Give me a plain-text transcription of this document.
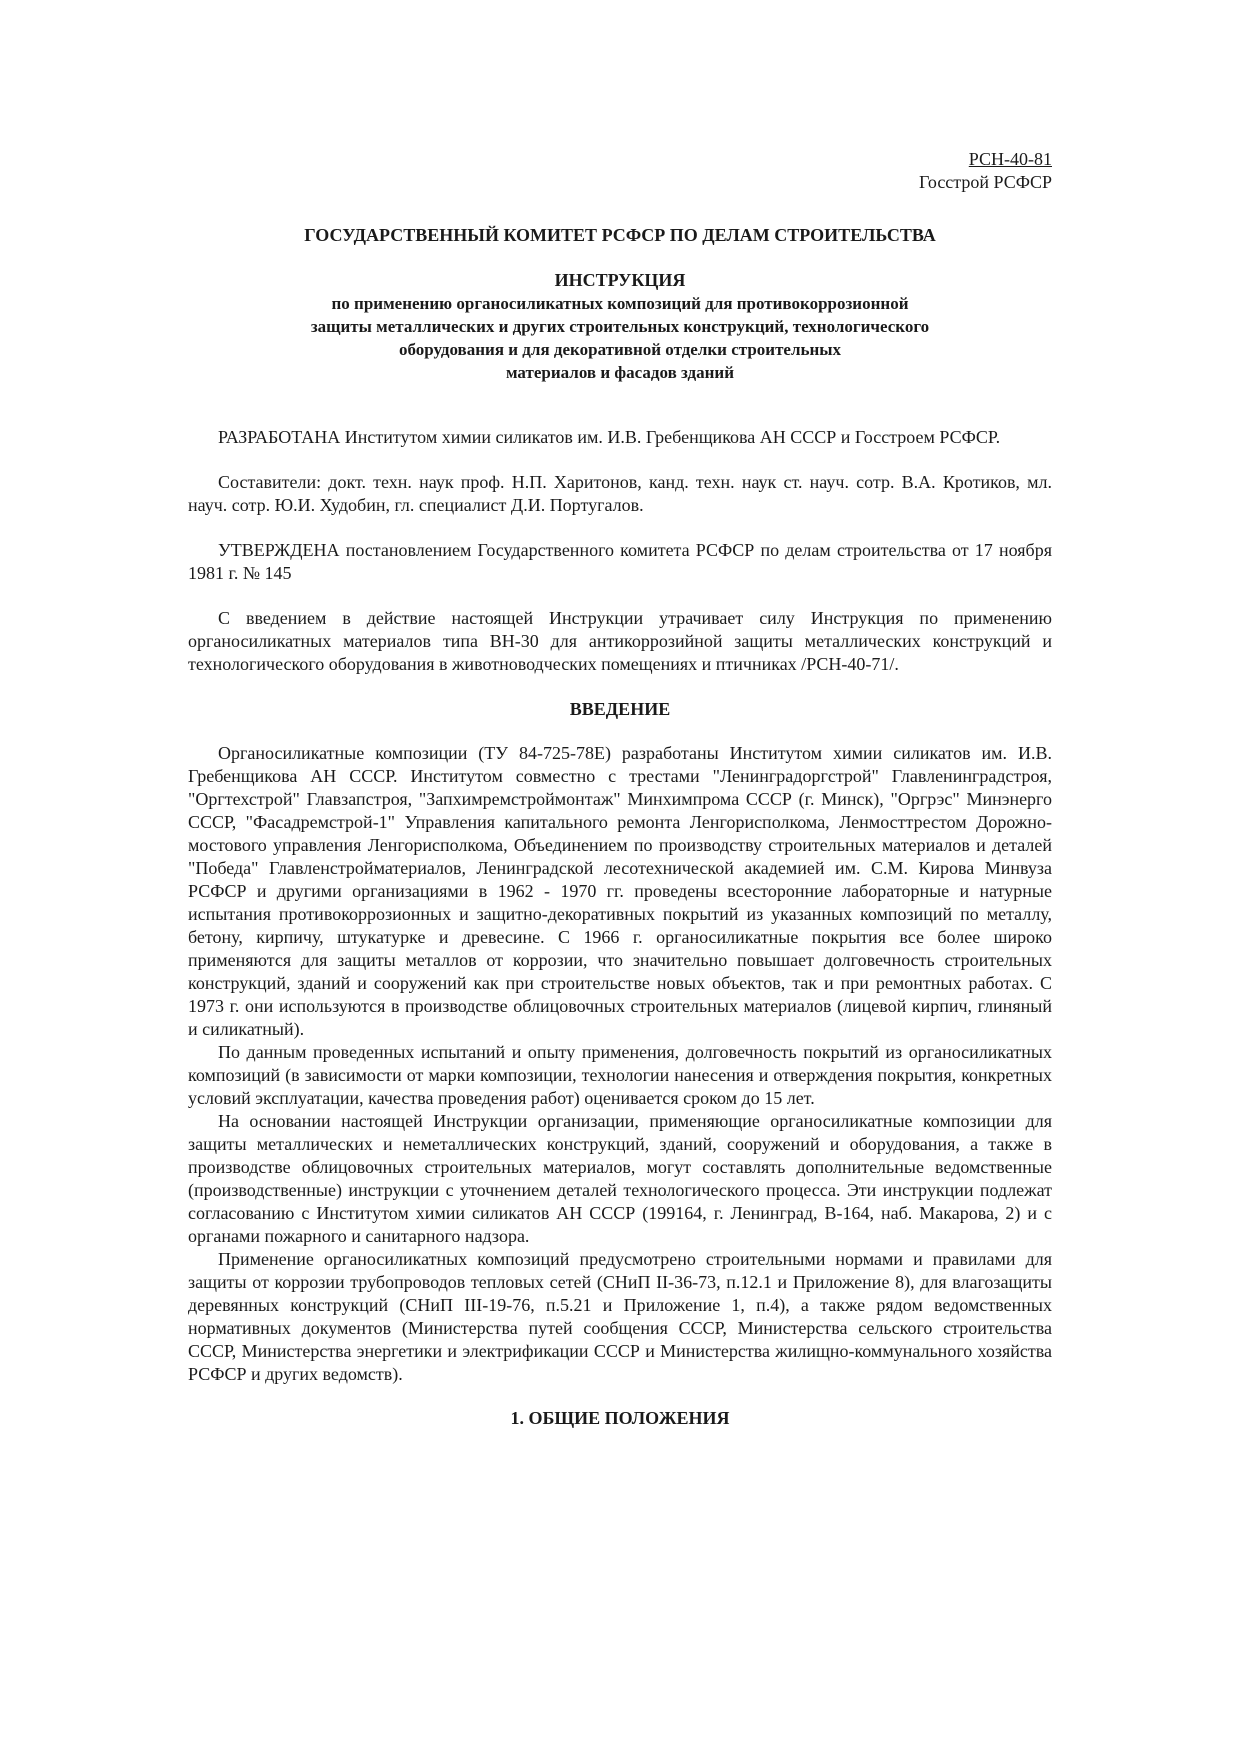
РСН-40-81
Госстрой РСФСР
ГОСУДАРСТВЕННЫЙ КОМИТЕТ РСФСР ПО ДЕЛАМ СТРОИТЕЛЬСТВА
ИНСТРУКЦИЯ
по применению органосиликатных композиций для противокоррозионной
защиты металлических и других строительных конструкций, технологического
оборудования и для декоративной отделки строительных
материалов и фасадов зданий

РАЗРАБОТАНА Институтом химии силикатов им. И.В. Гребенщикова АН СССР и Госстроем РСФСР.

Составители: докт. техн. наук проф. Н.П. Харитонов, канд. техн. наук ст. науч. сотр. В.А. Кротиков, мл. науч. сотр. Ю.И. Худобин, гл. специалист Д.И. Португалов.

УТВЕРЖДЕНА постановлением Государственного комитета РСФСР по делам строительства от 17 ноября 1981 г. № 145

С введением в действие настоящей Инструкции утрачивает силу Инструкция по применению органосиликатных материалов типа ВН-30 для антикоррозийной защиты металлических конструкций и технологического оборудования в животноводческих помещениях и птичниках /РСН-40-71/.

ВВЕДЕНИЕ

Органосиликатные композиции (ТУ 84-725-78Е) разработаны Институтом химии силикатов им. И.В. Гребенщикова АН СССР. Институтом совместно с трестами "Ленинградоргстрой" Главленинградстроя, "Оргтехстрой" Главзапстроя, "Запхимремстроймонтаж" Минхимпрома СССР (г. Минск), "Оргрэс" Минэнерго СССР, "Фасадремстрой-1" Управления капитального ремонта Ленгорисполкома, Ленмосттрестом Дорожно-мостового управления Ленгорисполкома, Объединением по производству строительных материалов и деталей "Победа" Главленстройматериалов, Ленинградской лесотехнической академией им. С.М. Кирова Минвуза РСФСР и другими организациями в 1962 - 1970 гг. проведены всесторонние лабораторные и натурные испытания противокоррозионных и защитно-декоративных покрытий из указанных композиций по металлу, бетону, кирпичу, штукатурке и древесине. С 1966 г. органосиликатные покрытия все более широко применяются для защиты металлов от коррозии, что значительно повышает долговечность строительных конструкций, зданий и сооружений как при строительстве новых объектов, так и при ремонтных работах. С 1973 г. они используются в производстве облицовочных строительных материалов (лицевой кирпич, глиняный и силикатный).

По данным проведенных испытаний и опыту применения, долговечность покрытий из органосиликатных композиций (в зависимости от марки композиции, технологии нанесения и отверждения покрытия, конкретных условий эксплуатации, качества проведения работ) оценивается сроком до 15 лет.

На основании настоящей Инструкции организации, применяющие органосиликатные композиции для защиты металлических и неметаллических конструкций, зданий, сооружений и оборудования, а также в производстве облицовочных строительных материалов, могут составлять дополнительные ведомственные (производственные) инструкции с уточнением деталей технологического процесса. Эти инструкции подлежат согласованию с Институтом химии силикатов АН СССР (199164, г. Ленинград, В-164, наб. Макарова, 2) и с органами пожарного и санитарного надзора.

Применение органосиликатных композиций предусмотрено строительными нормами и правилами для защиты от коррозии трубопроводов тепловых сетей (СНиП II-36-73, п.12.1 и Приложение 8), для влагозащиты деревянных конструкций (СНиП III-19-76, п.5.21 и Приложение 1, п.4), а также рядом ведомственных нормативных документов (Министерства путей сообщения СССР, Министерства сельского строительства СССР, Министерства энергетики и электрификации СССР и Министерства жилищно-коммунального хозяйства РСФСР и других ведомств).

1. ОБЩИЕ ПОЛОЖЕНИЯ
